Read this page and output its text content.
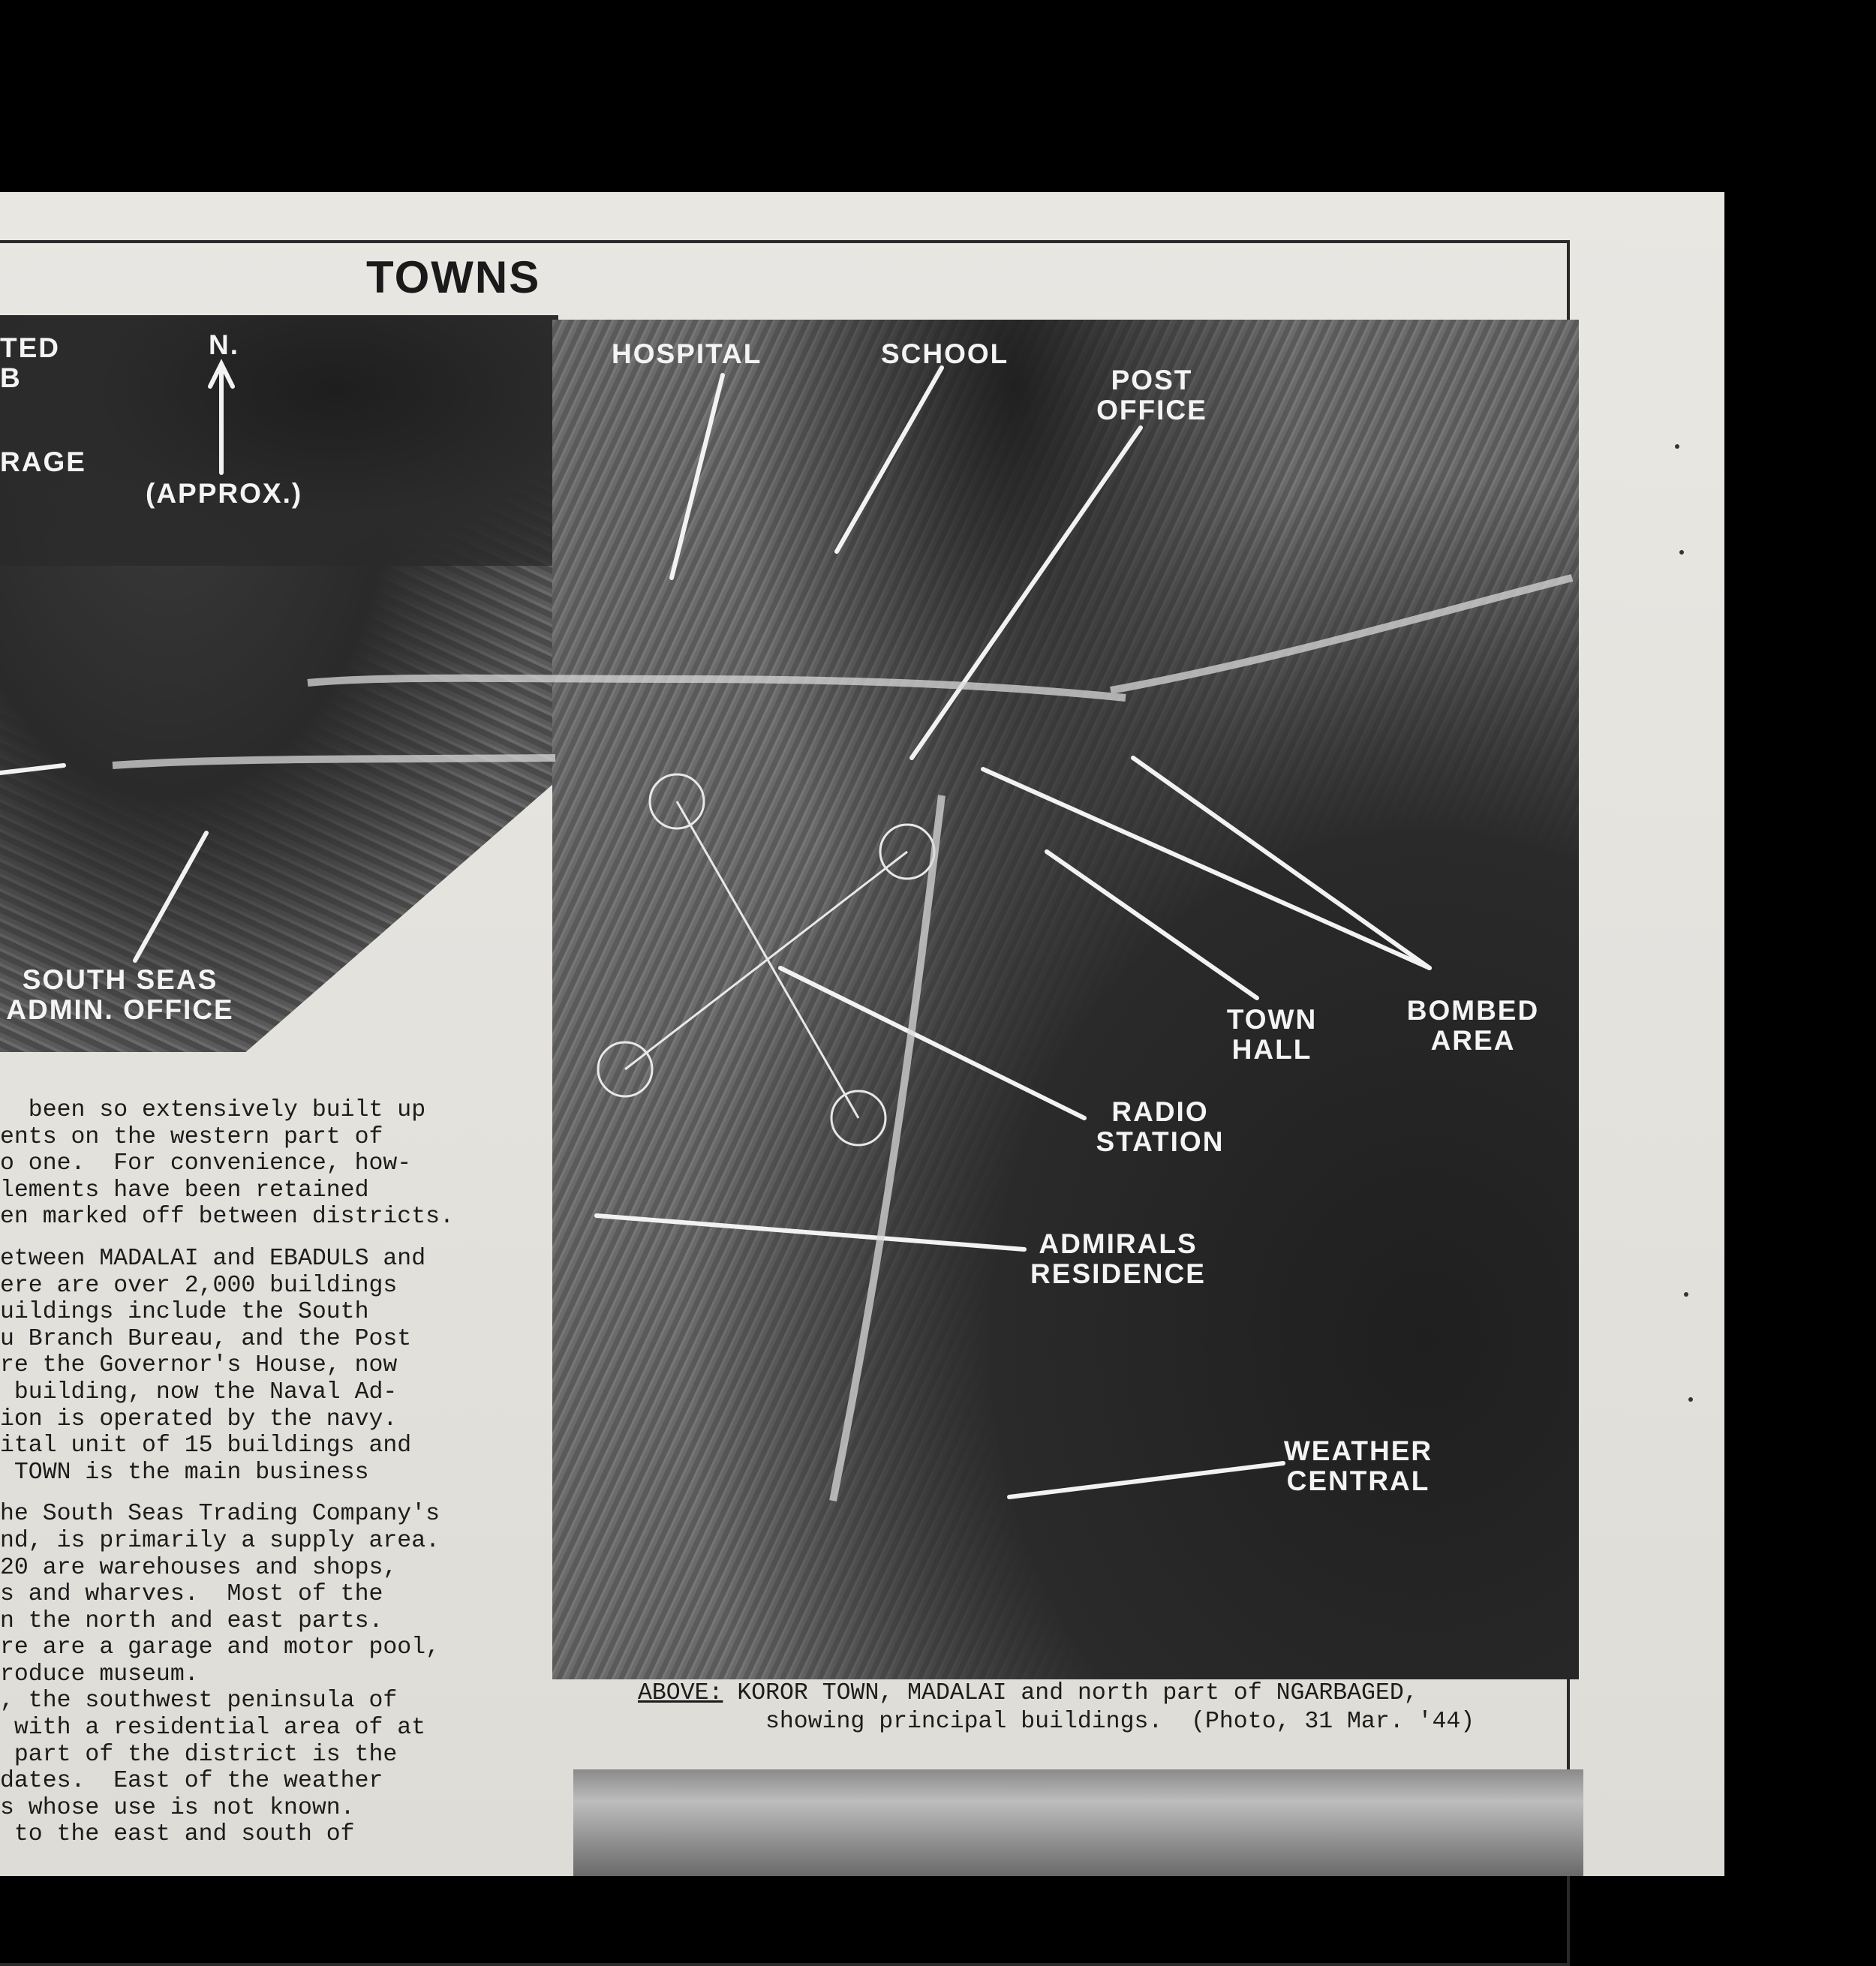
TOWNS
TED
B
RAGE
N.
(APPROX.)
SOUTH SEAS
ADMIN. OFFICE
HOSPITAL	SCHOOL
POST
OFFICE
TOWN
HALL
BOMBED
AREA
RADIO
STATION
ADMIRALS
RESIDENCE
WEATHER
CENTRAL
been so extensively built up
ents on the western part of
o one.  For convenience, how-
lements have been retained
en marked off between districts.
etween MADALAI and EBADULS and
ere are over 2,000 buildings
uildings include the South
u Branch Bureau, and the Post
re the Governor's House, now
building, now the Naval Ad-
ion is operated by the navy.
ital unit of 15 buildings and
TOWN is the main business
he South Seas Trading Company's
nd, is primarily a supply area.
20 are warehouses and shops,
s and wharves.  Most of the
n the north and east parts.
re are a garage and motor pool,
roduce museum.
, the southwest peninsula of
with a residential area of at
part of the district is the
dates.  East of the weather
s whose use is not known.
to the east and south of
ABOVE: KOROR TOWN, MADALAI and north part of NGARBAGED,
showing principal buildings.  (Photo, 31 Mar. '44)
